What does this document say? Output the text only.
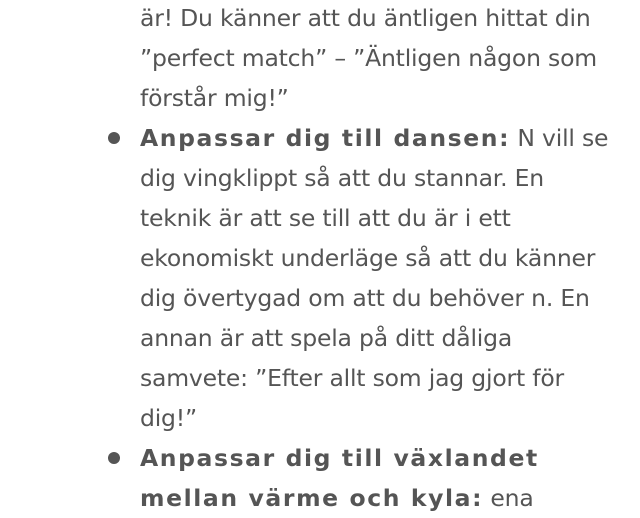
är! Du känner att du äntligen hittat din
”perfect match” – ”Äntligen någon som
förstår mig!”
Anpassar dig till dansen: N vill se
dig vingklippt så att du stannar. En
teknik är att se till att du är i ett
ekonomiskt underläge så att du känner
dig övertygad om att du behöver n. En
annan är att spela på ditt dåliga
samvete: ”Efter allt som jag gjort för
dig!”
Anpassar dig till växlandet
mellan värme och kyla: ena
